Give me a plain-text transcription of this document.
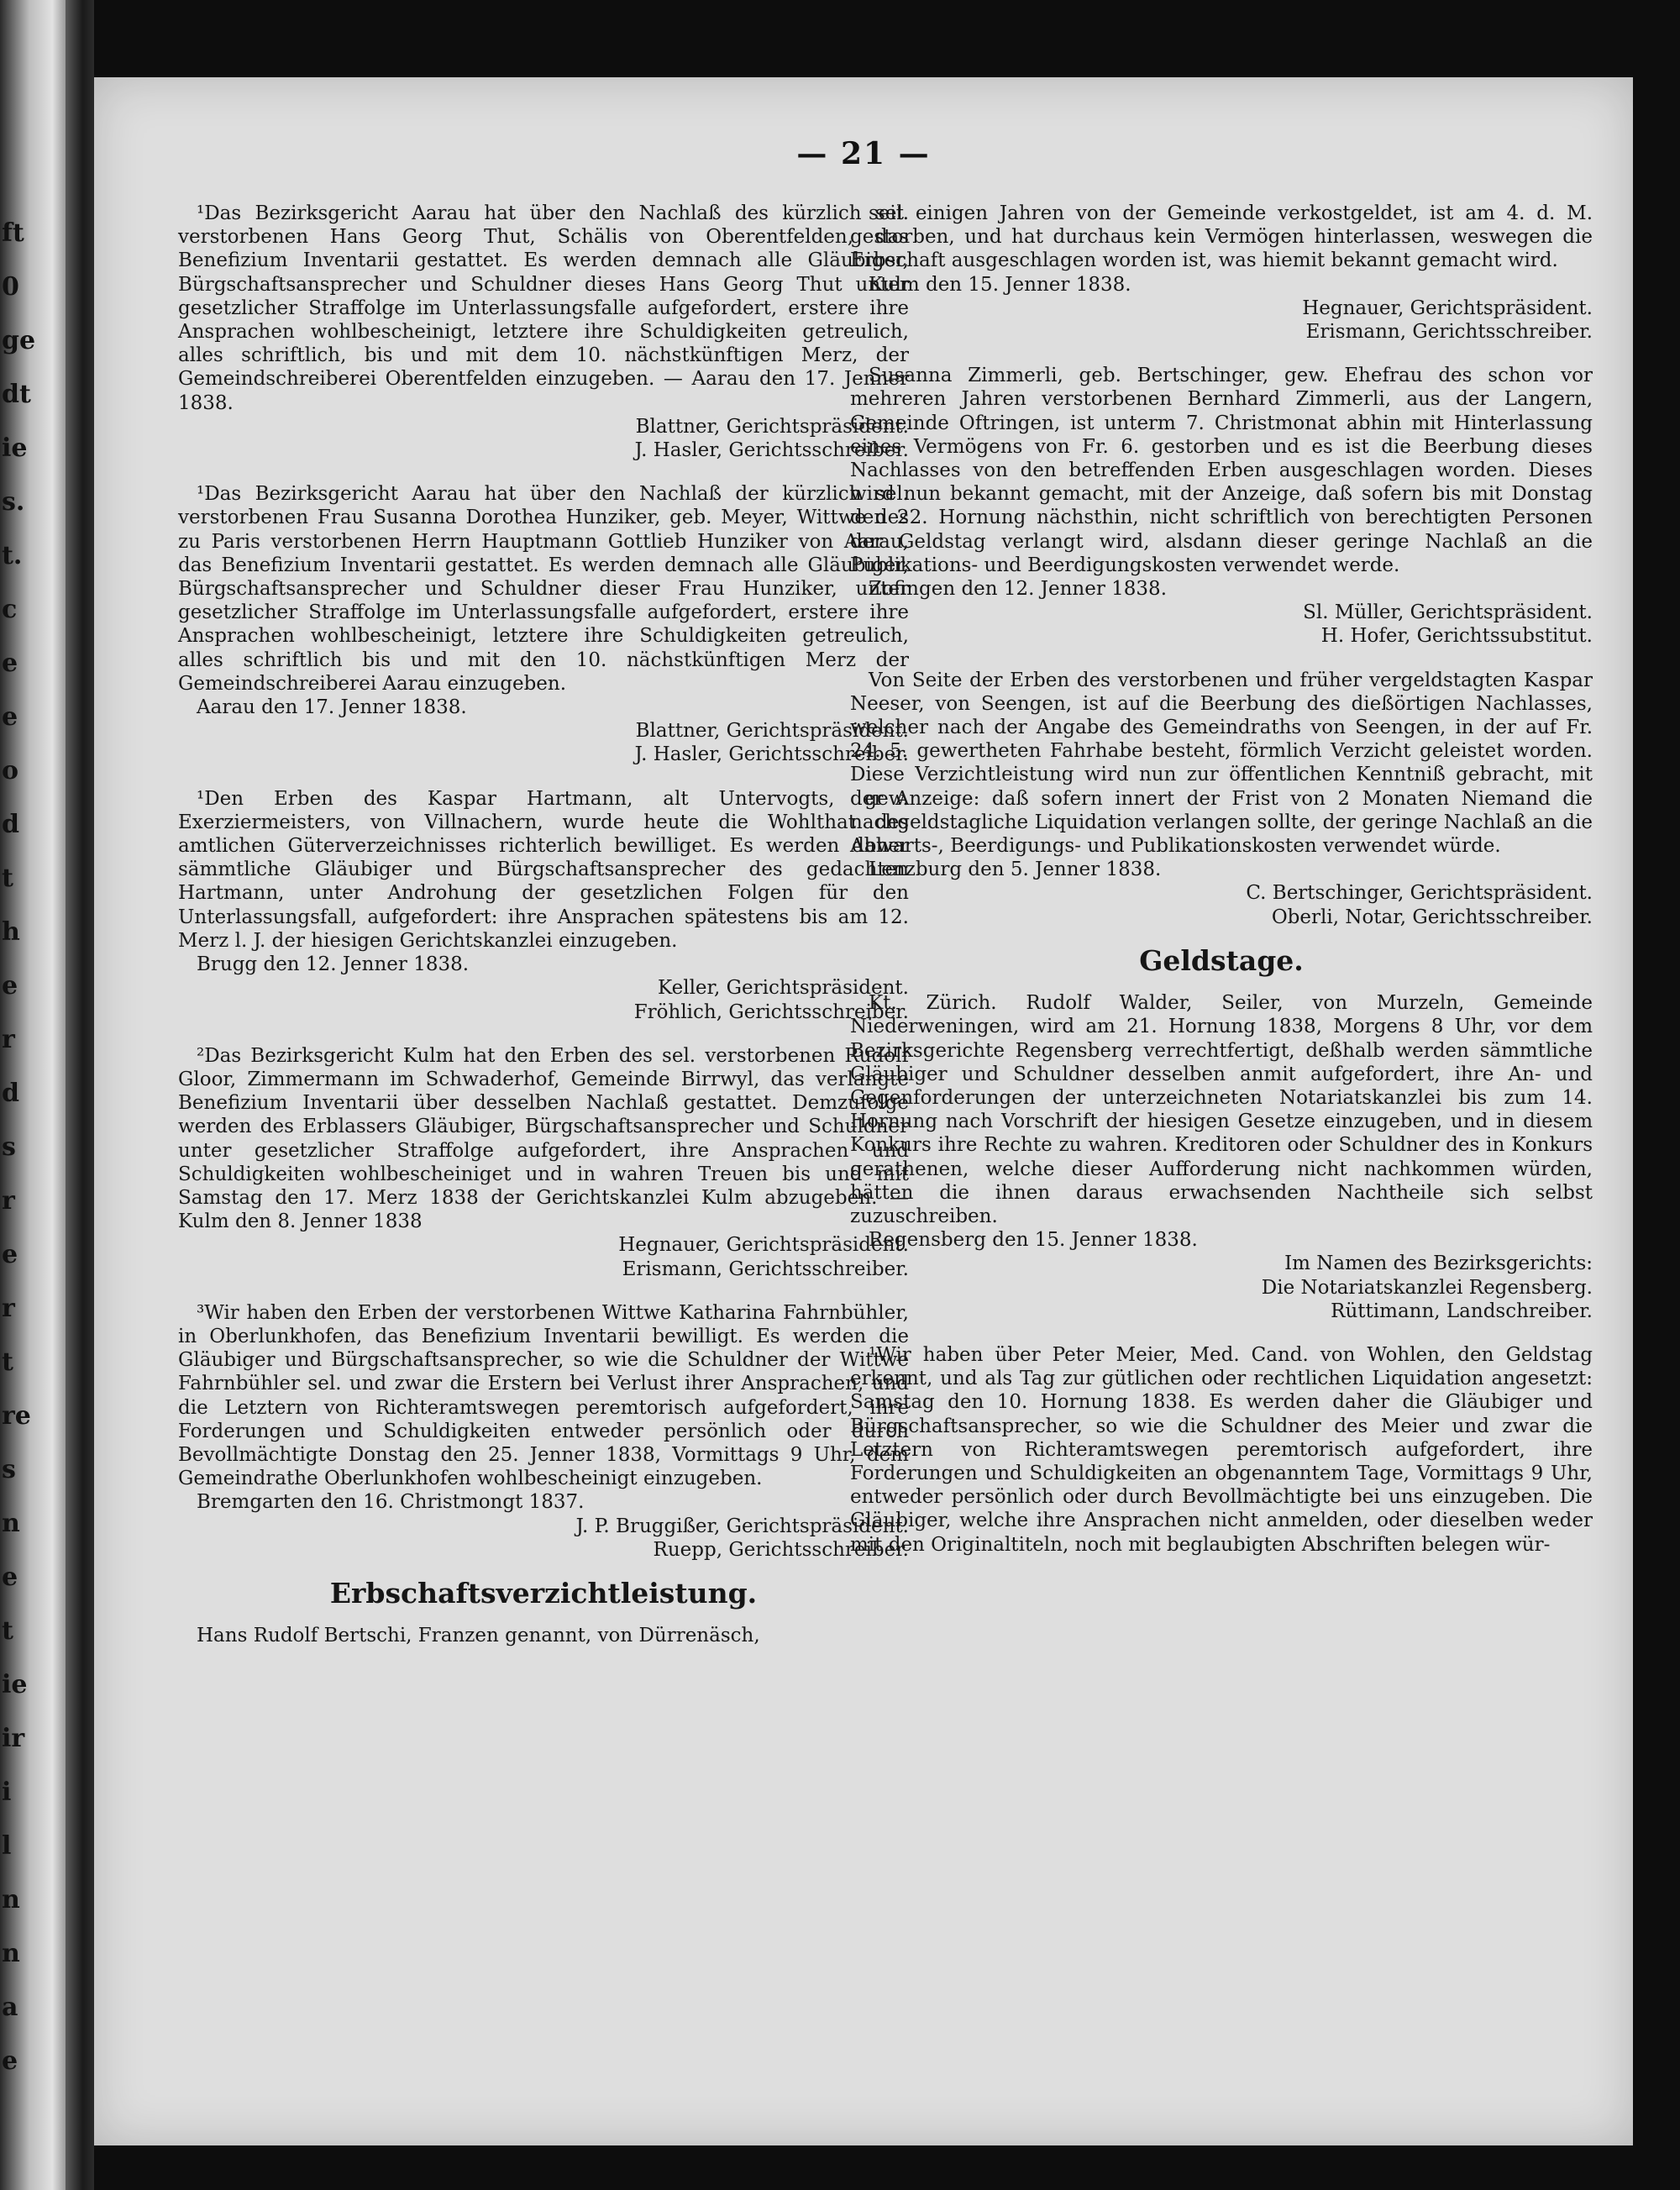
ft
0
ge
dt
ie
s.
t.
c
e
e
o
d
t
h
e
r
d
s
r
e
r
t
re
s
n
e
t
ie
ir
i
l
n
n
a
e
— 21 —

¹Das Bezirksgericht Aarau hat über den Nachlaß des kürzlich sel. verstorbenen Hans Georg Thut, Schälis von Oberentfelden, das Benefizium Inventarii gestattet. Es werden demnach alle Gläubiger, Bürgschaftsansprecher und Schuldner dieses Hans Georg Thut unter gesetzlicher Straffolge im Unterlassungsfalle aufgefordert, erstere ihre Ansprachen wohlbescheinigt, letztere ihre Schuldigkeiten getreulich, alles schriftlich, bis und mit dem 10. nächstkünftigen Merz, der Gemeindschreiberei Oberentfelden einzugeben. — Aarau den 17. Jenner 1838.

Blattner, Gerichtspräsident.

J. Hasler, Gerichtsschreiber.

¹Das Bezirksgericht Aarau hat über den Nachlaß der kürzlich sel. verstorbenen Frau Susanna Dorothea Hunziker, geb. Meyer, Wittwe des zu Paris verstorbenen Herrn Hauptmann Gottlieb Hunziker von Aarau, das Benefizium Inventarii gestattet. Es werden demnach alle Gläubiger, Bürgschaftsansprecher und Schuldner dieser Frau Hunziker, unter gesetzlicher Straffolge im Unterlassungsfalle aufgefordert, erstere ihre Ansprachen wohlbescheinigt, letztere ihre Schuldigkeiten getreulich, alles schriftlich bis und mit den 10. nächstkünftigen Merz der Gemeindschreiberei Aarau einzugeben.

Aarau den 17. Jenner 1838.

Blattner, Gerichtspräsident.

J. Hasler, Gerichtsschreiber.

¹Den Erben des Kaspar Hartmann, alt Untervogts, gew. Exerziermeisters, von Villnachern, wurde heute die Wohlthat des amtlichen Güterverzeichnisses richterlich bewilliget. Es werden daher sämmtliche Gläubiger und Bürgschaftsansprecher des gedachten Hartmann, unter Androhung der gesetzlichen Folgen für den Unterlassungsfall, aufgefordert: ihre Ansprachen spätestens bis am 12. Merz l. J. der hiesigen Gerichtskanzlei einzugeben.

Brugg den 12. Jenner 1838.

Keller, Gerichtspräsident.

Fröhlich, Gerichtsschreiber.

²Das Bezirksgericht Kulm hat den Erben des sel. verstorbenen Rudolf Gloor, Zimmermann im Schwaderhof, Gemeinde Birrwyl, das verlangte Benefizium Inventarii über desselben Nachlaß gestattet. Demzufolge werden des Erblassers Gläubiger, Bürgschaftsansprecher und Schuldner unter gesetzlicher Straffolge aufgefordert, ihre Ansprachen und Schuldigkeiten wohlbescheiniget und in wahren Treuen bis und mit Samstag den 17. Merz 1838 der Gerichtskanzlei Kulm abzugeben. — Kulm den 8. Jenner 1838

Hegnauer, Gerichtspräsident.

Erismann, Gerichtsschreiber.

³Wir haben den Erben der verstorbenen Wittwe Katharina Fahrnbühler, in Oberlunkhofen, das Benefizium Inventarii bewilligt. Es werden die Gläubiger und Bürgschaftsansprecher, so wie die Schuldner der Wittwe Fahrnbühler sel. und zwar die Erstern bei Verlust ihrer Ansprachen, und die Letztern von Richteramtswegen peremtorisch aufgefordert, ihre Forderungen und Schuldigkeiten entweder persönlich oder durch Bevollmächtigte Donstag den 25. Jenner 1838, Vormittags 9 Uhr, dem Gemeindrathe Oberlunkhofen wohlbescheinigt einzugeben.

Bremgarten den 16. Christmongt 1837.

J. P. Bruggißer, Gerichtspräsident.

Ruepp, Gerichtsschreiber.

Erbschaftsverzichtleistung.

Hans Rudolf Bertschi, Franzen genannt, von Dürrenäsch,

seit einigen Jahren von der Gemeinde verkostgeldet, ist am 4. d. M. gestorben, und hat durchaus kein Vermögen hinterlassen, weswegen die Erbschaft ausgeschlagen worden ist, was hiemit bekannt gemacht wird.

Kulm den 15. Jenner 1838.

Hegnauer, Gerichtspräsident.

Erismann, Gerichtsschreiber.

Susanna Zimmerli, geb. Bertschinger, gew. Ehefrau des schon vor mehreren Jahren verstorbenen Bernhard Zimmerli, aus der Langern, Gemeinde Oftringen, ist unterm 7. Christmonat abhin mit Hinterlassung eines Vermögens von Fr. 6. gestorben und es ist die Beerbung dieses Nachlasses von den betreffenden Erben ausgeschlagen worden. Dieses wird nun bekannt gemacht, mit der Anzeige, daß sofern bis mit Donstag den 22. Hornung nächsthin, nicht schriftlich von berechtigten Personen der Geldstag verlangt wird, alsdann dieser geringe Nachlaß an die Publikations- und Beerdigungskosten verwendet werde.

Zofingen den 12. Jenner 1838.

Sl. Müller, Gerichtspräsident.

H. Hofer, Gerichtssubstitut.

Von Seite der Erben des verstorbenen und früher vergeldstagten Kaspar Neeser, von Seengen, ist auf die Beerbung des dießörtigen Nachlasses, welcher nach der Angabe des Gemeindraths von Seengen, in der auf Fr. 24. 5. gewertheten Fahrhabe besteht, förmlich Verzicht geleistet worden. Diese Verzichtleistung wird nun zur öffentlichen Kenntniß gebracht, mit der Anzeige: daß sofern innert der Frist von 2 Monaten Niemand die nachgeldstagliche Liquidation verlangen sollte, der geringe Nachlaß an die Abwarts-, Beerdigungs- und Publikationskosten verwendet würde.

Lenzburg den 5. Jenner 1838.

C. Bertschinger, Gerichtspräsident.

Oberli, Notar, Gerichtsschreiber.

Geldstage.

Kt. Zürich. Rudolf Walder, Seiler, von Murzeln, Gemeinde Niederweningen, wird am 21. Hornung 1838, Morgens 8 Uhr, vor dem Bezirksgerichte Regensberg verrechtfertigt, deßhalb werden sämmtliche Gläubiger und Schuldner desselben anmit aufgefordert, ihre An- und Gegenforderungen der unterzeichneten Notariatskanzlei bis zum 14. Hornung nach Vorschrift der hiesigen Gesetze einzugeben, und in diesem Konkurs ihre Rechte zu wahren. Kreditoren oder Schuldner des in Konkurs gerathenen, welche dieser Aufforderung nicht nachkommen würden, hätten die ihnen daraus erwachsenden Nachtheile sich selbst zuzuschreiben.

Regensberg den 15. Jenner 1838.

Im Namen des Bezirksgerichts:

Die Notariatskanzlei Regensberg.

Rüttimann, Landschreiber.

¹Wir haben über Peter Meier, Med. Cand. von Wohlen, den Geldstag erkennt, und als Tag zur gütlichen oder rechtlichen Liquidation angesetzt: Samstag den 10. Hornung 1838. Es werden daher die Gläubiger und Bürgschaftsansprecher, so wie die Schuldner des Meier und zwar die Letztern von Richteramtswegen peremtorisch aufgefordert, ihre Forderungen und Schuldigkeiten an obgenanntem Tage, Vormittags 9 Uhr, entweder persönlich oder durch Bevollmächtigte bei uns einzugeben. Die Gläubiger, welche ihre Ansprachen nicht anmelden, oder dieselben weder mit den Originaltiteln, noch mit beglaubigten Abschriften belegen wür-
